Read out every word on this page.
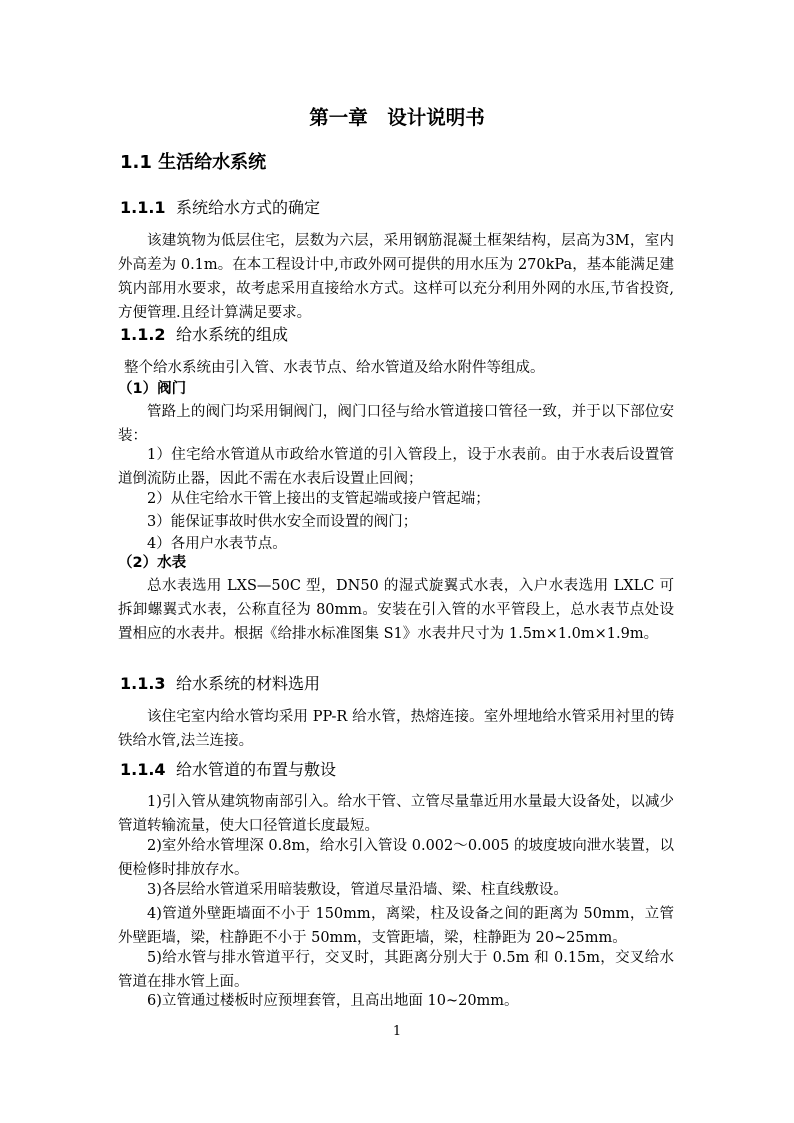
第一章　设计说明书
1.1 生活给水系统
1.1.1 系统给水方式的确定
该建筑物为低层住宅，层数为六层，采用钢筋混凝土框架结构，层高为3M，室内外高差为 0.1m。在本工程设计中,市政外网可提供的用水压为 270kPa，基本能满足建筑内部用水要求，故考虑采用直接给水方式。这样可以充分利用外网的水压,节省投资,方便管理.且经计算满足要求。
1.1.2 给水系统的组成
整个给水系统由引入管、水表节点、给水管道及给水附件等组成。
（1）阀门
管路上的阀门均采用铜阀门，阀门口径与给水管道接口管径一致，并于以下部位安装：
1）住宅给水管道从市政给水管道的引入管段上，设于水表前。由于水表后设置管道倒流防止器，因此不需在水表后设置止回阀；
2）从住宅给水干管上接出的支管起端或接户管起端；
3）能保证事故时供水安全而设置的阀门；
4）各用户水表节点。
（2）水表
总水表选用 LXS—50C 型，DN50 的湿式旋翼式水表，入户水表选用 LXLC 可拆卸螺翼式水表，公称直径为 80mm。安装在引入管的水平管段上，总水表节点处设置相应的水表井。根据《给排水标准图集 S1》水表井尺寸为 1.5m×1.0m×1.9m。
1.1.3 给水系统的材料选用
该住宅室内给水管均采用 PP-R 给水管，热熔连接。室外埋地给水管采用衬里的铸铁给水管,法兰连接。
1.1.4 给水管道的布置与敷设
1)引入管从建筑物南部引入。给水干管、立管尽量靠近用水量最大设备处，以减少管道转输流量，使大口径管道长度最短。
2)室外给水管埋深 0.8m，给水引入管设 0.002～0.005 的坡度坡向泄水装置，以便检修时排放存水。
3)各层给水管道采用暗装敷设，管道尽量沿墙、梁、柱直线敷设。
4)管道外壁距墙面不小于 150mm，离梁，柱及设备之间的距离为 50mm，立管外壁距墙，梁，柱静距不小于 50mm，支管距墙，梁，柱静距为 20~25mm。
5)给水管与排水管道平行，交叉时，其距离分别大于 0.5m 和 0.15m，交叉给水管道在排水管上面。
6)立管通过楼板时应预埋套管，且高出地面 10~20mm。
1
